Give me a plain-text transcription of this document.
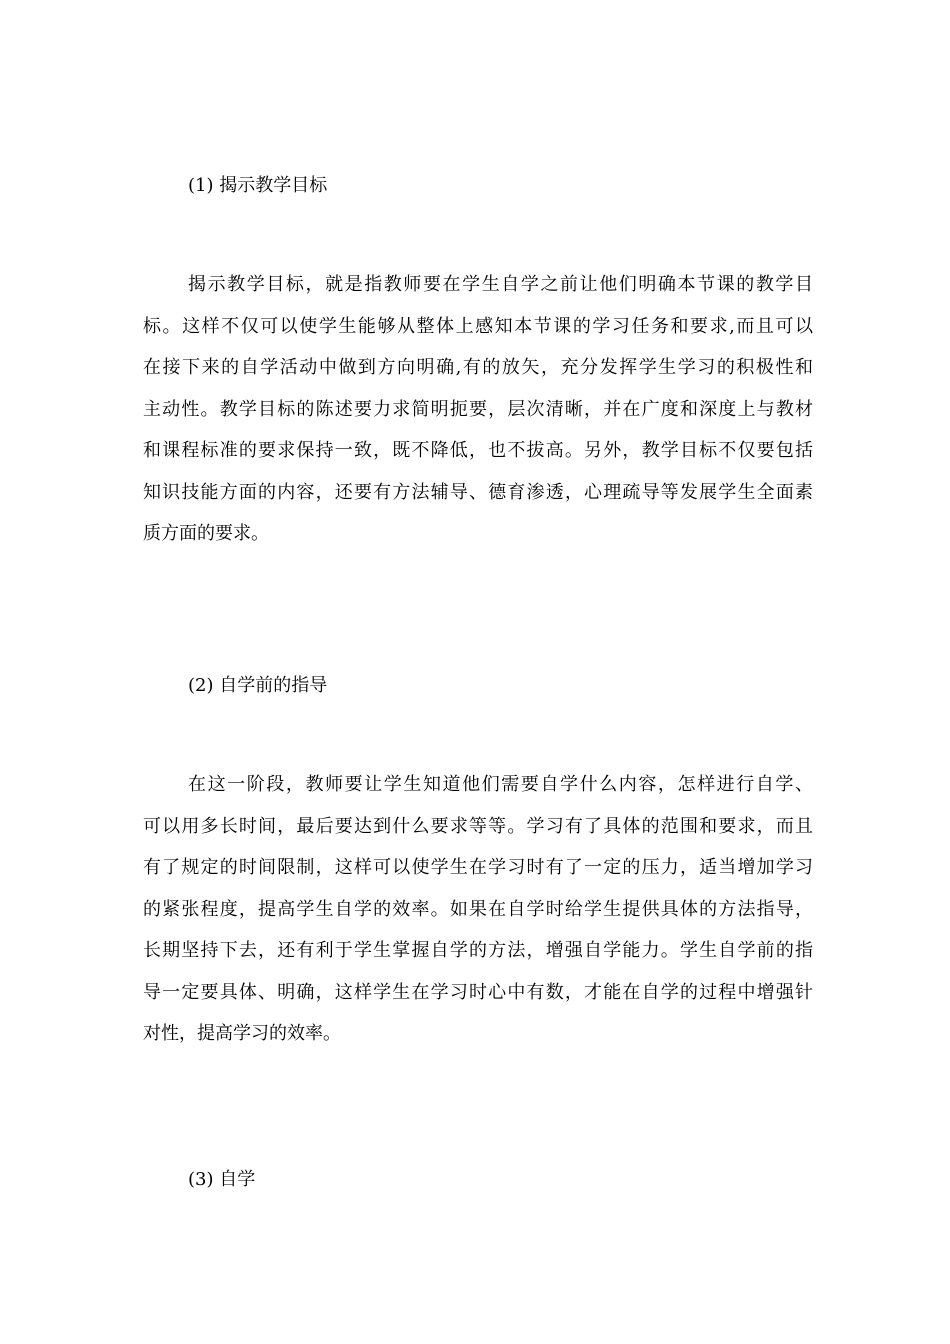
(1) 揭示教学目标
揭示教学目标，就是指教师要在学生自学之前让他们明确本节课的教学目
标。这样不仅可以使学生能够从整体上感知本节课的学习任务和要求,而且可以
在接下来的自学活动中做到方向明确,有的放矢，充分发挥学生学习的积极性和
主动性。教学目标的陈述要力求简明扼要，层次清晰，并在广度和深度上与教材
和课程标准的要求保持一致，既不降低，也不拔高。另外，教学目标不仅要包括
知识技能方面的内容，还要有方法辅导、德育渗透，心理疏导等发展学生全面素
质方面的要求。
(2) 自学前的指导
在这一阶段，教师要让学生知道他们需要自学什么内容，怎样进行自学、
可以用多长时间，最后要达到什么要求等等。学习有了具体的范围和要求，而且
有了规定的时间限制，这样可以使学生在学习时有了一定的压力，适当增加学习
的紧张程度，提高学生自学的效率。如果在自学时给学生提供具体的方法指导，
长期坚持下去，还有利于学生掌握自学的方法，增强自学能力。学生自学前的指
导一定要具体、明确，这样学生在学习时心中有数，才能在自学的过程中增强针
对性，提高学习的效率。
(3) 自学
